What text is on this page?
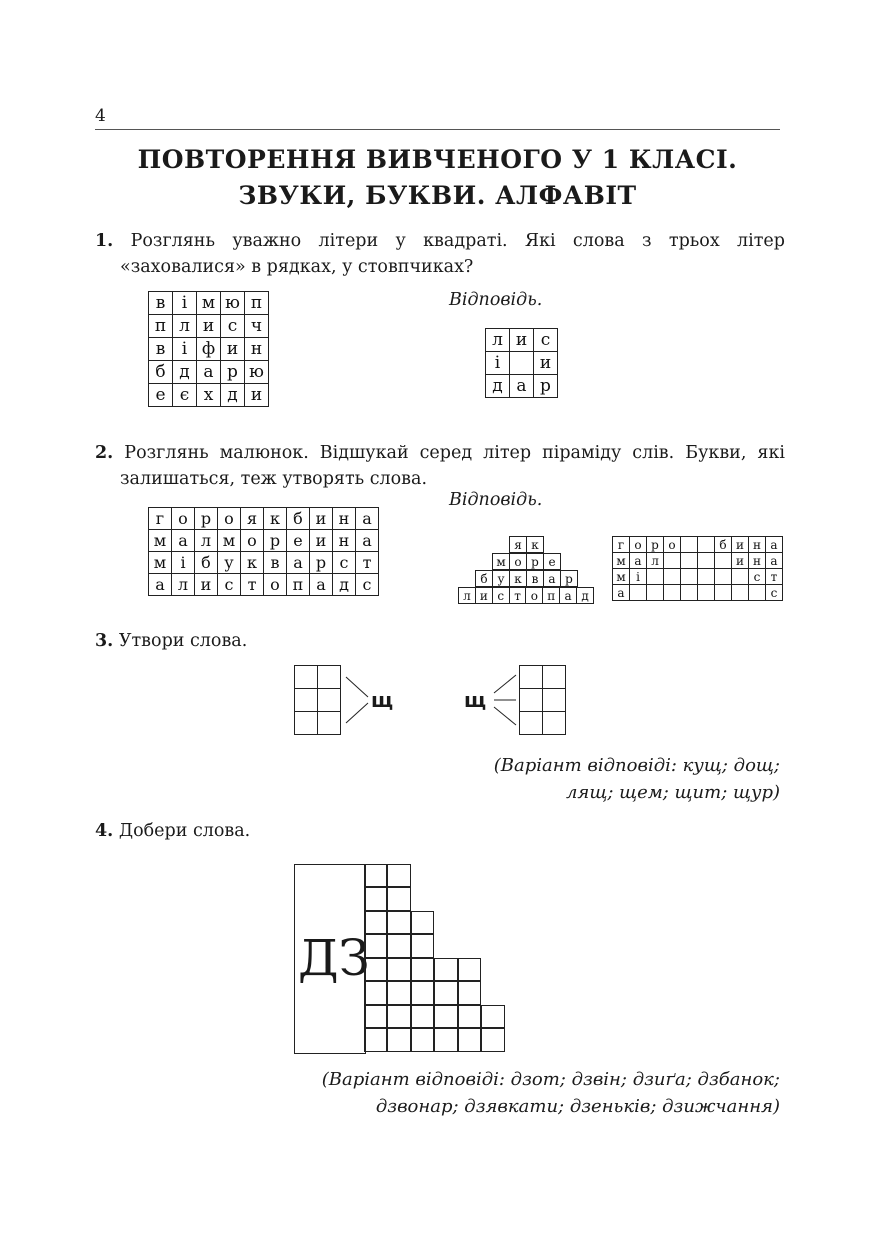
4
ПОВТОРЕННЯ ВИВЧЕНОГО У 1 КЛАСІ.
ЗВУКИ, БУКВИ. АЛФАВІТ
1. Розглянь уважно літери у квадраті. Які слова з трьох літер «заховалися» в рядках, у стовпчиках?
в	і	м	ю	п
п	л	и	с	ч
в	і	ф	и	н
б	д	а	р	ю
е	є	х	д	и
Відповідь.
л	и	с
і		и
д	а	р
2. Розглянь малюнок. Відшукай серед літер піраміду слів. Букви, які залишаться, теж утворять слова.
Відповідь.
г	о	р	о	я	к	б	и	н	а
м	а	л	м	о	р	е	и	н	а
м	і	б	у	к	в	а	р	с	т
а	л	и	с	т	о	п	а	д	с
я	к
м	о	р	е
б	у	к	в	а	р
л	и	с	т	о	п	а	д
г	о	р	о			б	и	н	а
м	а	л					и	н	а
м	і							с	т
а									с
3. Утвори слова.

щ	щ

(Варіант відповіді: кущ; дощ;
лящ; щем; щит; щур)
4. Добери слова.
ДЗ
(Варіант відповіді: дзот; дзвін; дзиґа; дзбанок;
дзвонар; дзявкати; дзеньків; дзижчання)
